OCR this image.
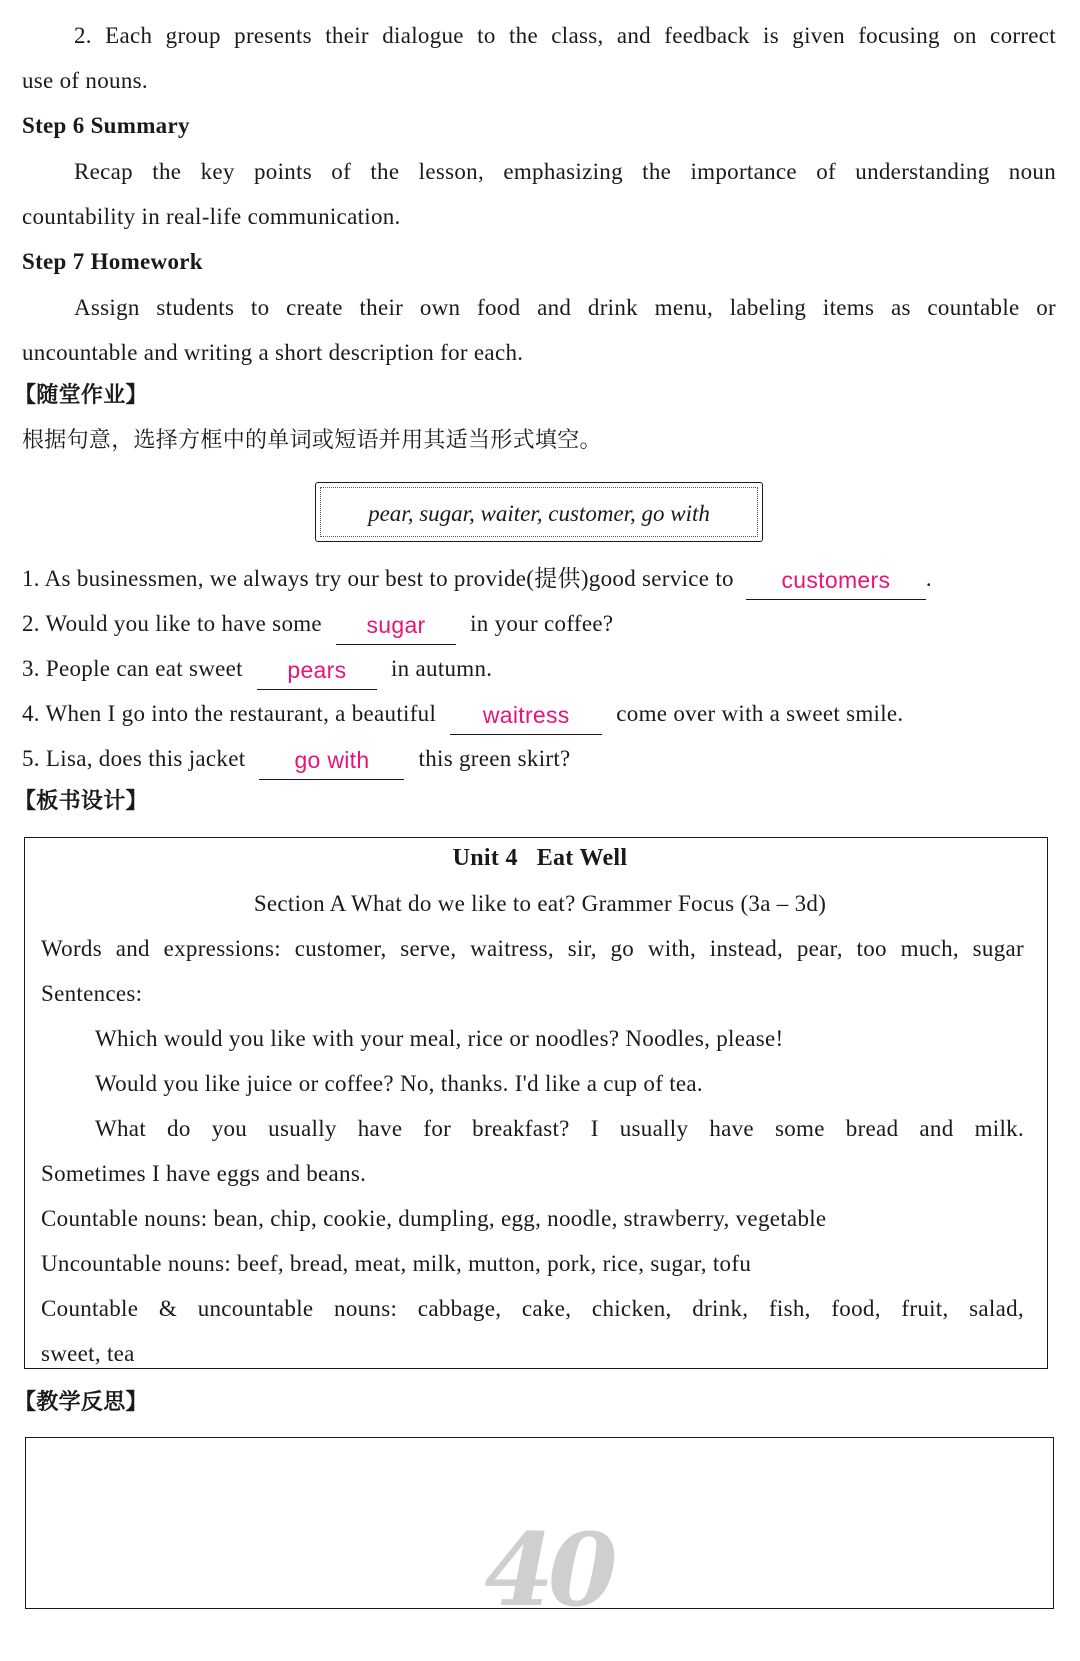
2. Each group presents their dialogue to the class, and feedback is given focusing on correct
use of nouns.
Step 6 Summary
Recap the key points of the lesson, emphasizing the importance of understanding noun
countability in real-life communication.
Step 7 Homework
Assign students to create their own food and drink menu, labeling items as countable or
uncountable and writing a short description for each.
【随堂作业】
根据句意，选择方框中的单词或短语并用其适当形式填空。
pear, sugar, waiter, customer, go with
1. As businessmen, we always try our best to provide(提供)good service to customers .
2. Would you like to have some sugar in your coffee?
3. People can eat sweet pears in autumn.
4. When I go into the restaurant, a beautiful waitress come over with a sweet smile.
5. Lisa, does this jacket go with this green skirt?
【板书设计】
Unit 4 Eat Well
Section A What do we like to eat? Grammer Focus (3a – 3d)
Words and expressions: customer, serve, waitress, sir, go with, instead, pear, too much, sugar
Sentences:
Which would you like with your meal, rice or noodles? Noodles, please!
Would you like juice or coffee? No, thanks. I'd like a cup of tea.
What do you usually have for breakfast? I usually have some bread and milk.
Sometimes I have eggs and beans.
Countable nouns: bean, chip, cookie, dumpling, egg, noodle, strawberry, vegetable
Uncountable nouns: beef, bread, meat, milk, mutton, pork, rice, sugar, tofu
Countable & uncountable nouns: cabbage, cake, chicken, drink, fish, food, fruit, salad,
sweet, tea
【教学反思】
40
